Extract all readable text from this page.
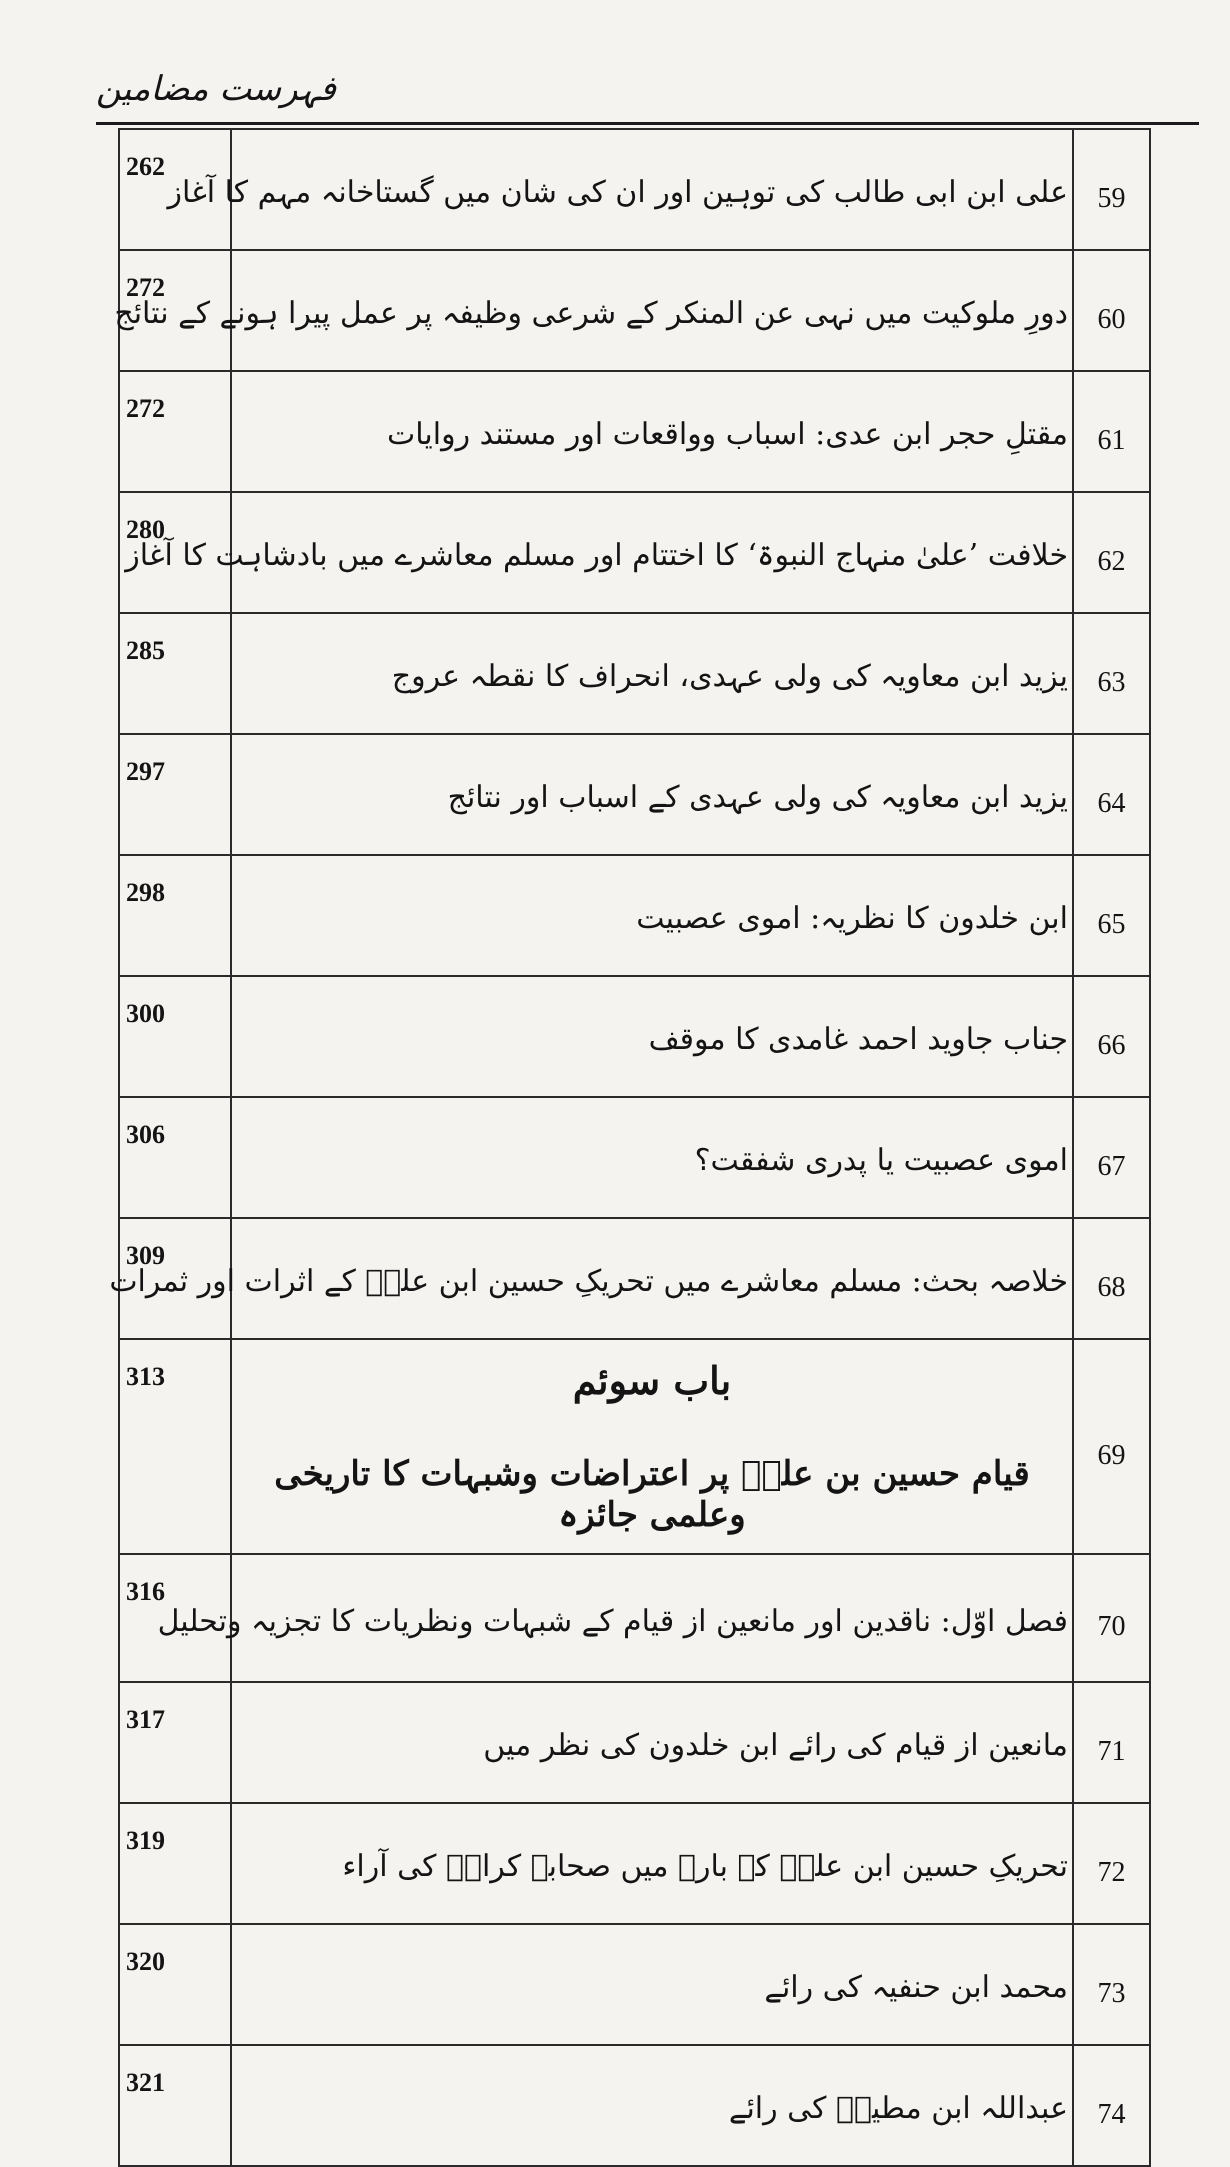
فہرست مضامین
262	علی ابن ابی طالب کی توہین اور ان کی شان میں گستاخانہ مہم کا آغاز	59
272	دورِ ملوکیت میں نہی عن المنکر کے شرعی وظیفہ پر عمل پیرا ہونے کے نتائج	60
272	مقتلِ حجر ابن عدی: اسباب وواقعات اور مستند روایات	61
280	خلافت ’علیٰ منہاج النبوۃ‘ کا اختتام اور مسلم معاشرے میں بادشاہت کا آغاز	62
285	یزید ابن معاویہ کی ولی عہدی، انحراف کا نقطہ عروج	63
297	یزید ابن معاویہ کی ولی عہدی کے اسباب اور نتائج	64
298	ابن خلدون کا نظریہ: اموی عصبیت	65
300	جناب جاوید احمد غامدی کا موقف	66
306	اموی عصبیت یا پدری شفقت؟	67
309	خلاصہ بحث: مسلم معاشرے میں تحریکِ حسین ابن علیؓ کے اثرات اور ثمرات	68
313	باب سوئم
قیام حسین بن علیؓ پر اعتراضات وشبہات کا تاریخی وعلمی جائزہ	69
316	فصل اوّل: ناقدین اور مانعین از قیام کے شبہات ونظریات کا تجزیہ وتحلیل	70
317	مانعین از قیام کی رائے ابن خلدون کی نظر میں	71
319	تحریکِ حسین ابن علیؓ کے بارے میں صحابہ کرامؓ کی آراء	72
320	محمد ابن حنفیہ کی رائے	73
321	عبداللہ ابن مطیعؓ کی رائے	74
